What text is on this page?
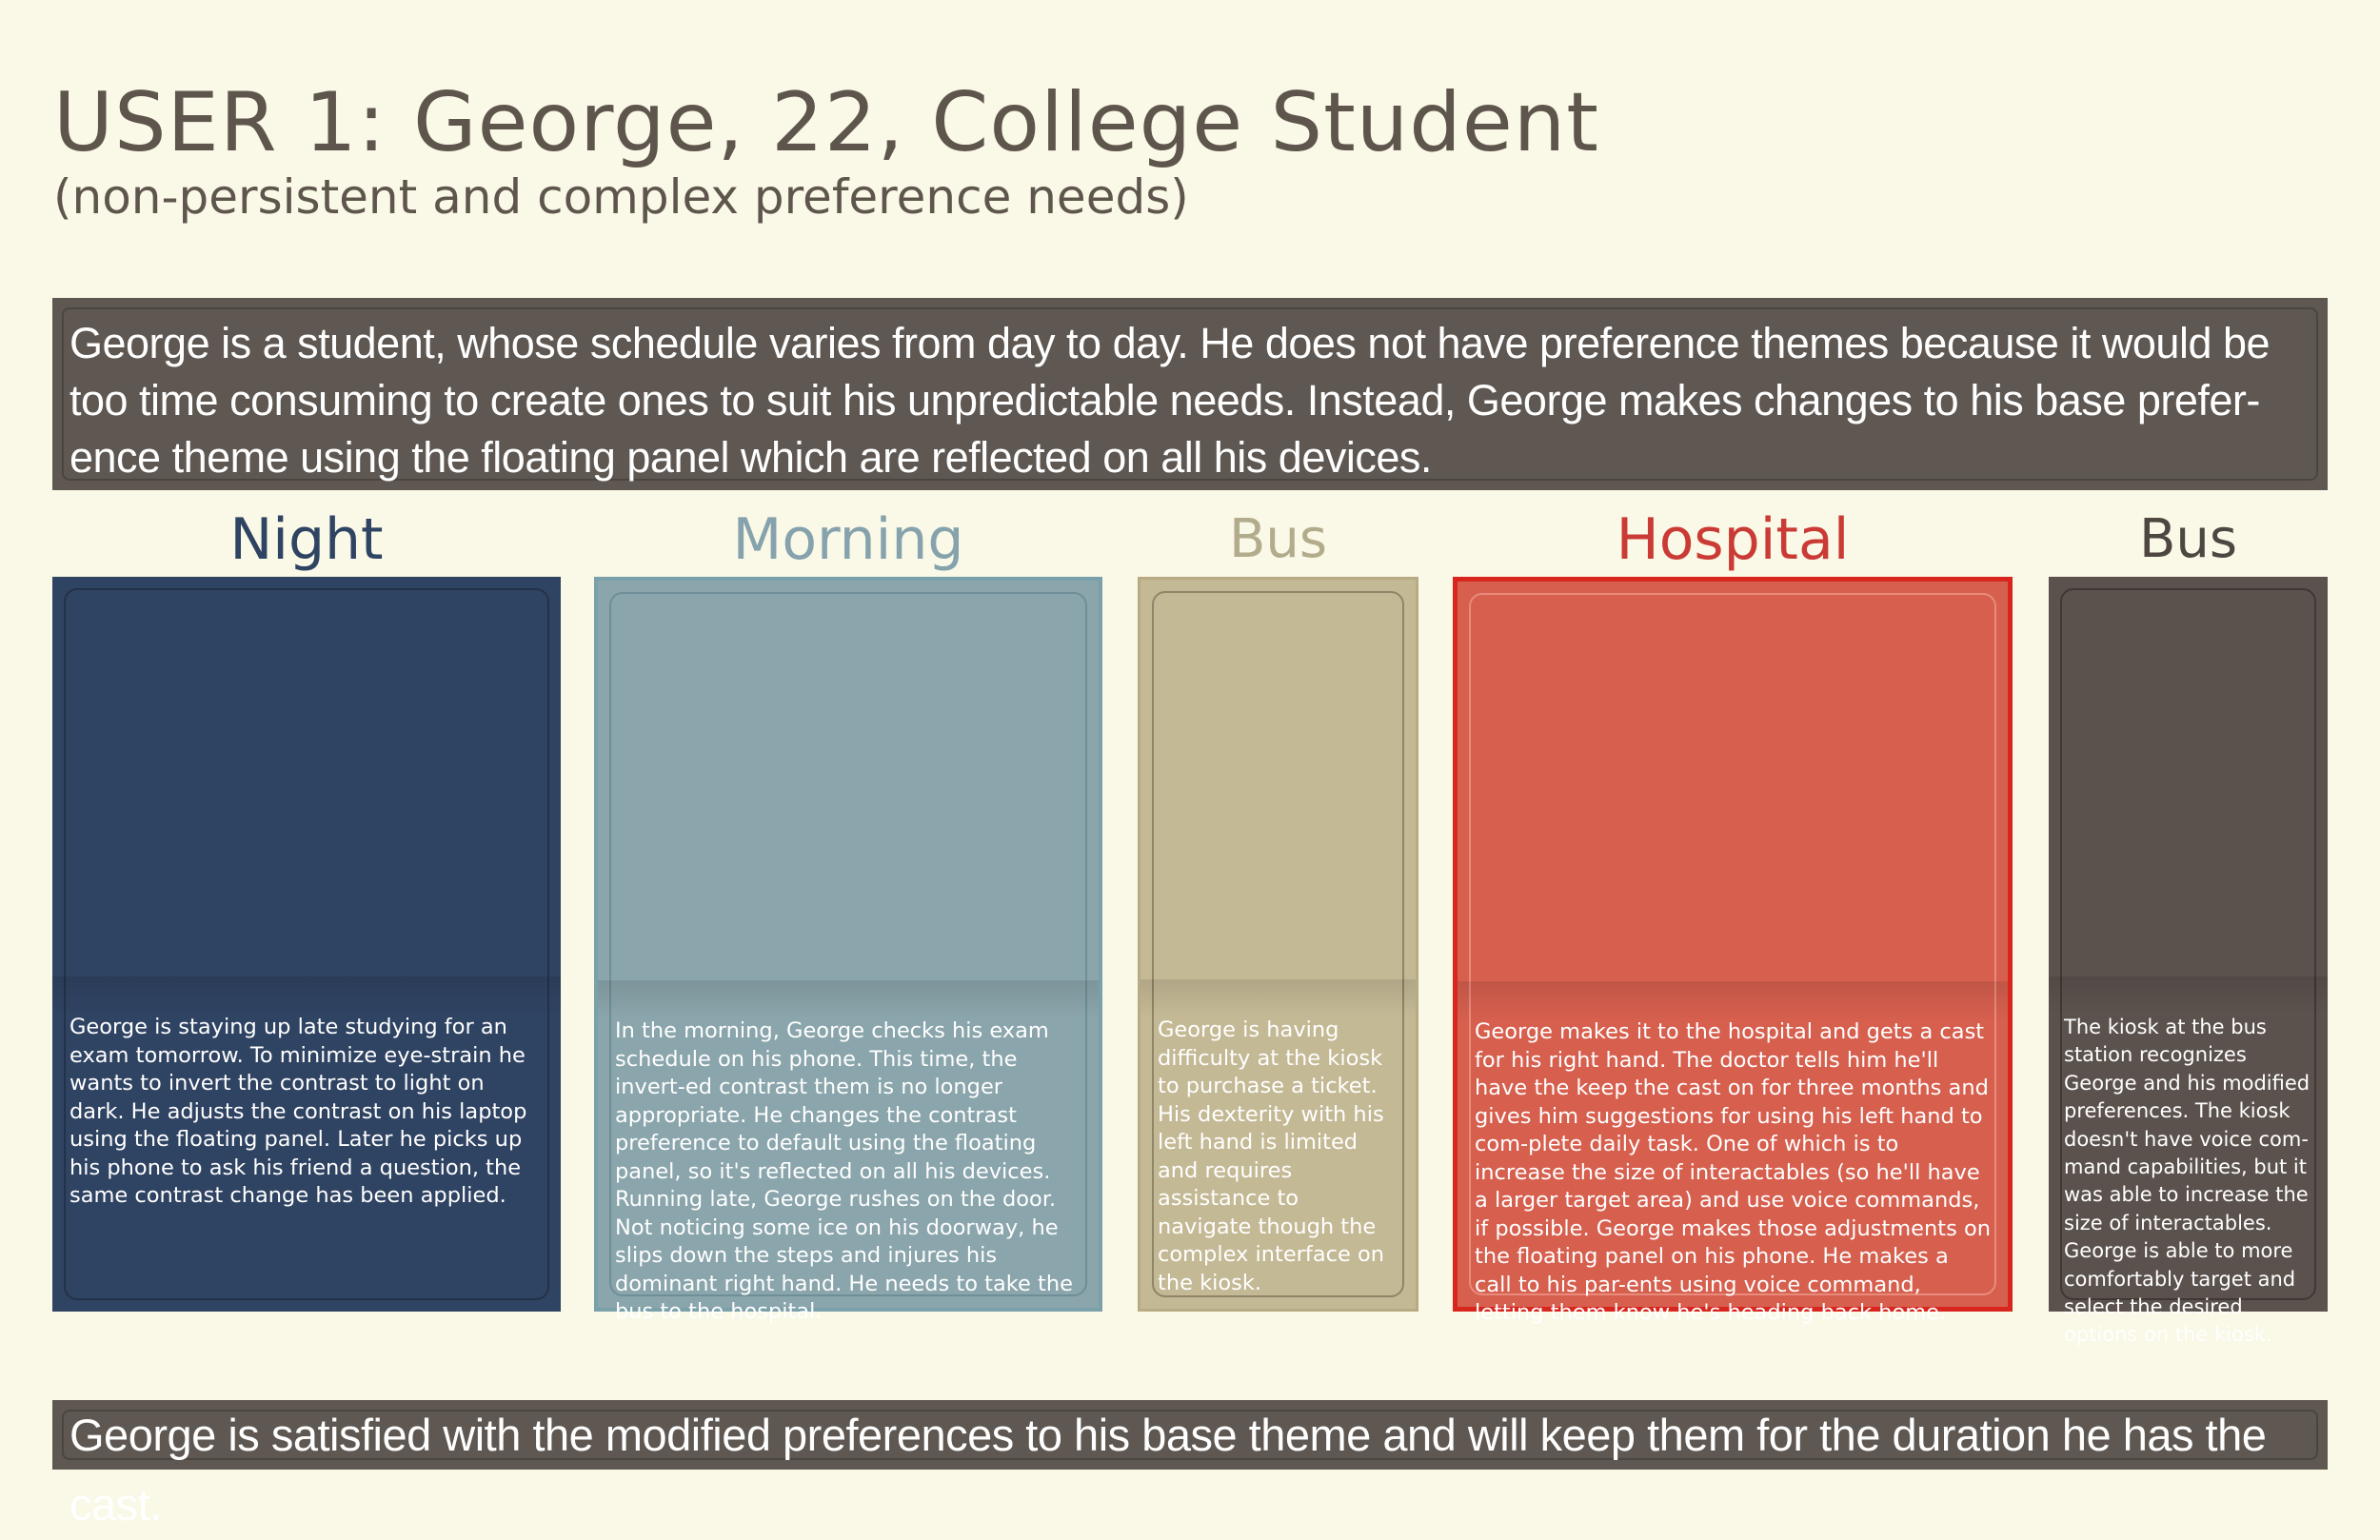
USER 1: George, 22, College Student
(non-persistent and complex preference needs)

George is a student, whose schedule varies from day to day. He does not have preference themes because it would be too time consuming to create ones to suit his unpredictable needs. Instead, George makes changes to his base prefer-ence theme using the floating panel which are reflected on all his devices.

Night

George is staying up late studying for an exam tomorrow. To minimize eye-strain he wants to invert the contrast to light on dark. He adjusts the contrast on his laptop using the floating panel. Later he picks up his phone to ask his friend a question, the same contrast change has been applied.

Morning

In the morning, George checks his exam schedule on his phone. This time, the invert-ed contrast them is no longer appropriate. He changes the contrast preference to default using the floating panel, so it's reflected on all his devices. Running late, George rushes on the door. Not noticing some ice on his doorway, he slips down the steps and injures his dominant right hand. He needs to take the bus to the hospital.

Bus

George is having difficulty at the kiosk to purchase a ticket. His dexterity with his left hand is limited and requires assistance to navigate though the complex interface on the kiosk.

Hospital

George makes it to the hospital and gets a cast for his right hand. The doctor tells him he'll have the keep the cast on for three months and gives him suggestions for using his left hand to com-plete daily task. One of which is to increase the size of interactables (so he'll have a larger target area) and use voice commands, if possible. George makes those adjustments on the floating panel on his phone. He makes a call to his par-ents using voice command, letting them know he's heading back home.

Bus

The kiosk at the bus station recognizes George and his modified preferences. The kiosk doesn't have voice com-mand capabilities, but it was able to increase the size of interactables. George is able to more comfortably target and select the desired options on the kiosk.

George is satisfied with the modified preferences to his base theme and will keep them for the duration he has the cast.
